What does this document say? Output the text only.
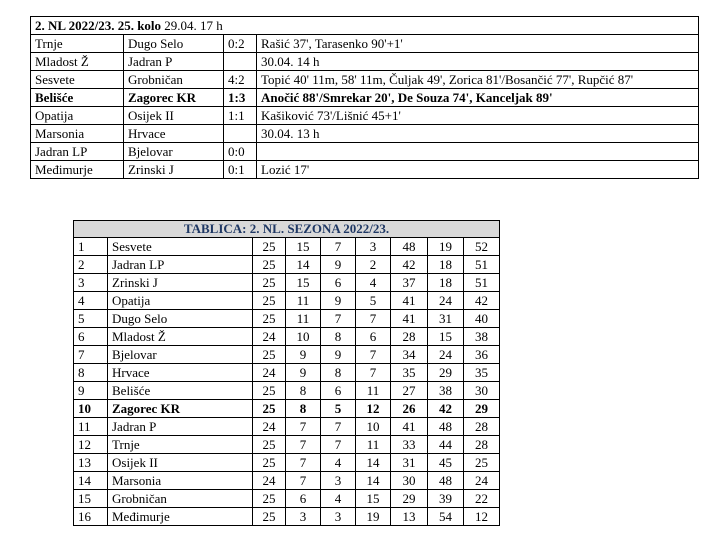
2. NL 2022/23. 25. kolo 29.04. 17 h			
Trnje	Dugo Selo	0:2	Rašić 37', Tarasenko 90'+1'
Mladost Ž	Jadran P		30.04. 14 h
Sesvete	Grobničan	4:2	Topić 40' 11m, 58' 11m, Čuljak 49', Zorica 81'/Bosančić 77', Rupčić 87'
Belišće	Zagorec KR	1:3	Anočić 88'/Smrekar 20', De Souza 74', Kanceljak 89'
Opatija	Osijek II	1:1	Kašiković 73'/Lišnić 45+1'
Marsonia	Hrvace		30.04. 13 h
Jadran LP	Bjelovar	0:0	
Međimurje	Zrinski J	0:1	Lozić 17'
TABLICA: 2. NL. SEZONA 2022/23.								
1	Sesvete	25	15	7	3	48	19	52
2	Jadran LP	25	14	9	2	42	18	51
3	Zrinski J	25	15	6	4	37	18	51
4	Opatija	25	11	9	5	41	24	42
5	Dugo Selo	25	11	7	7	41	31	40
6	Mladost Ž	24	10	8	6	28	15	38
7	Bjelovar	25	9	9	7	34	24	36
8	Hrvace	24	9	8	7	35	29	35
9	Belišće	25	8	6	11	27	38	30
10	Zagorec KR	25	8	5	12	26	42	29
11	Jadran P	24	7	7	10	41	48	28
12	Trnje	25	7	7	11	33	44	28
13	Osijek II	25	7	4	14	31	45	25
14	Marsonia	24	7	3	14	30	48	24
15	Grobničan	25	6	4	15	29	39	22
16	Međimurje	25	3	3	19	13	54	12
